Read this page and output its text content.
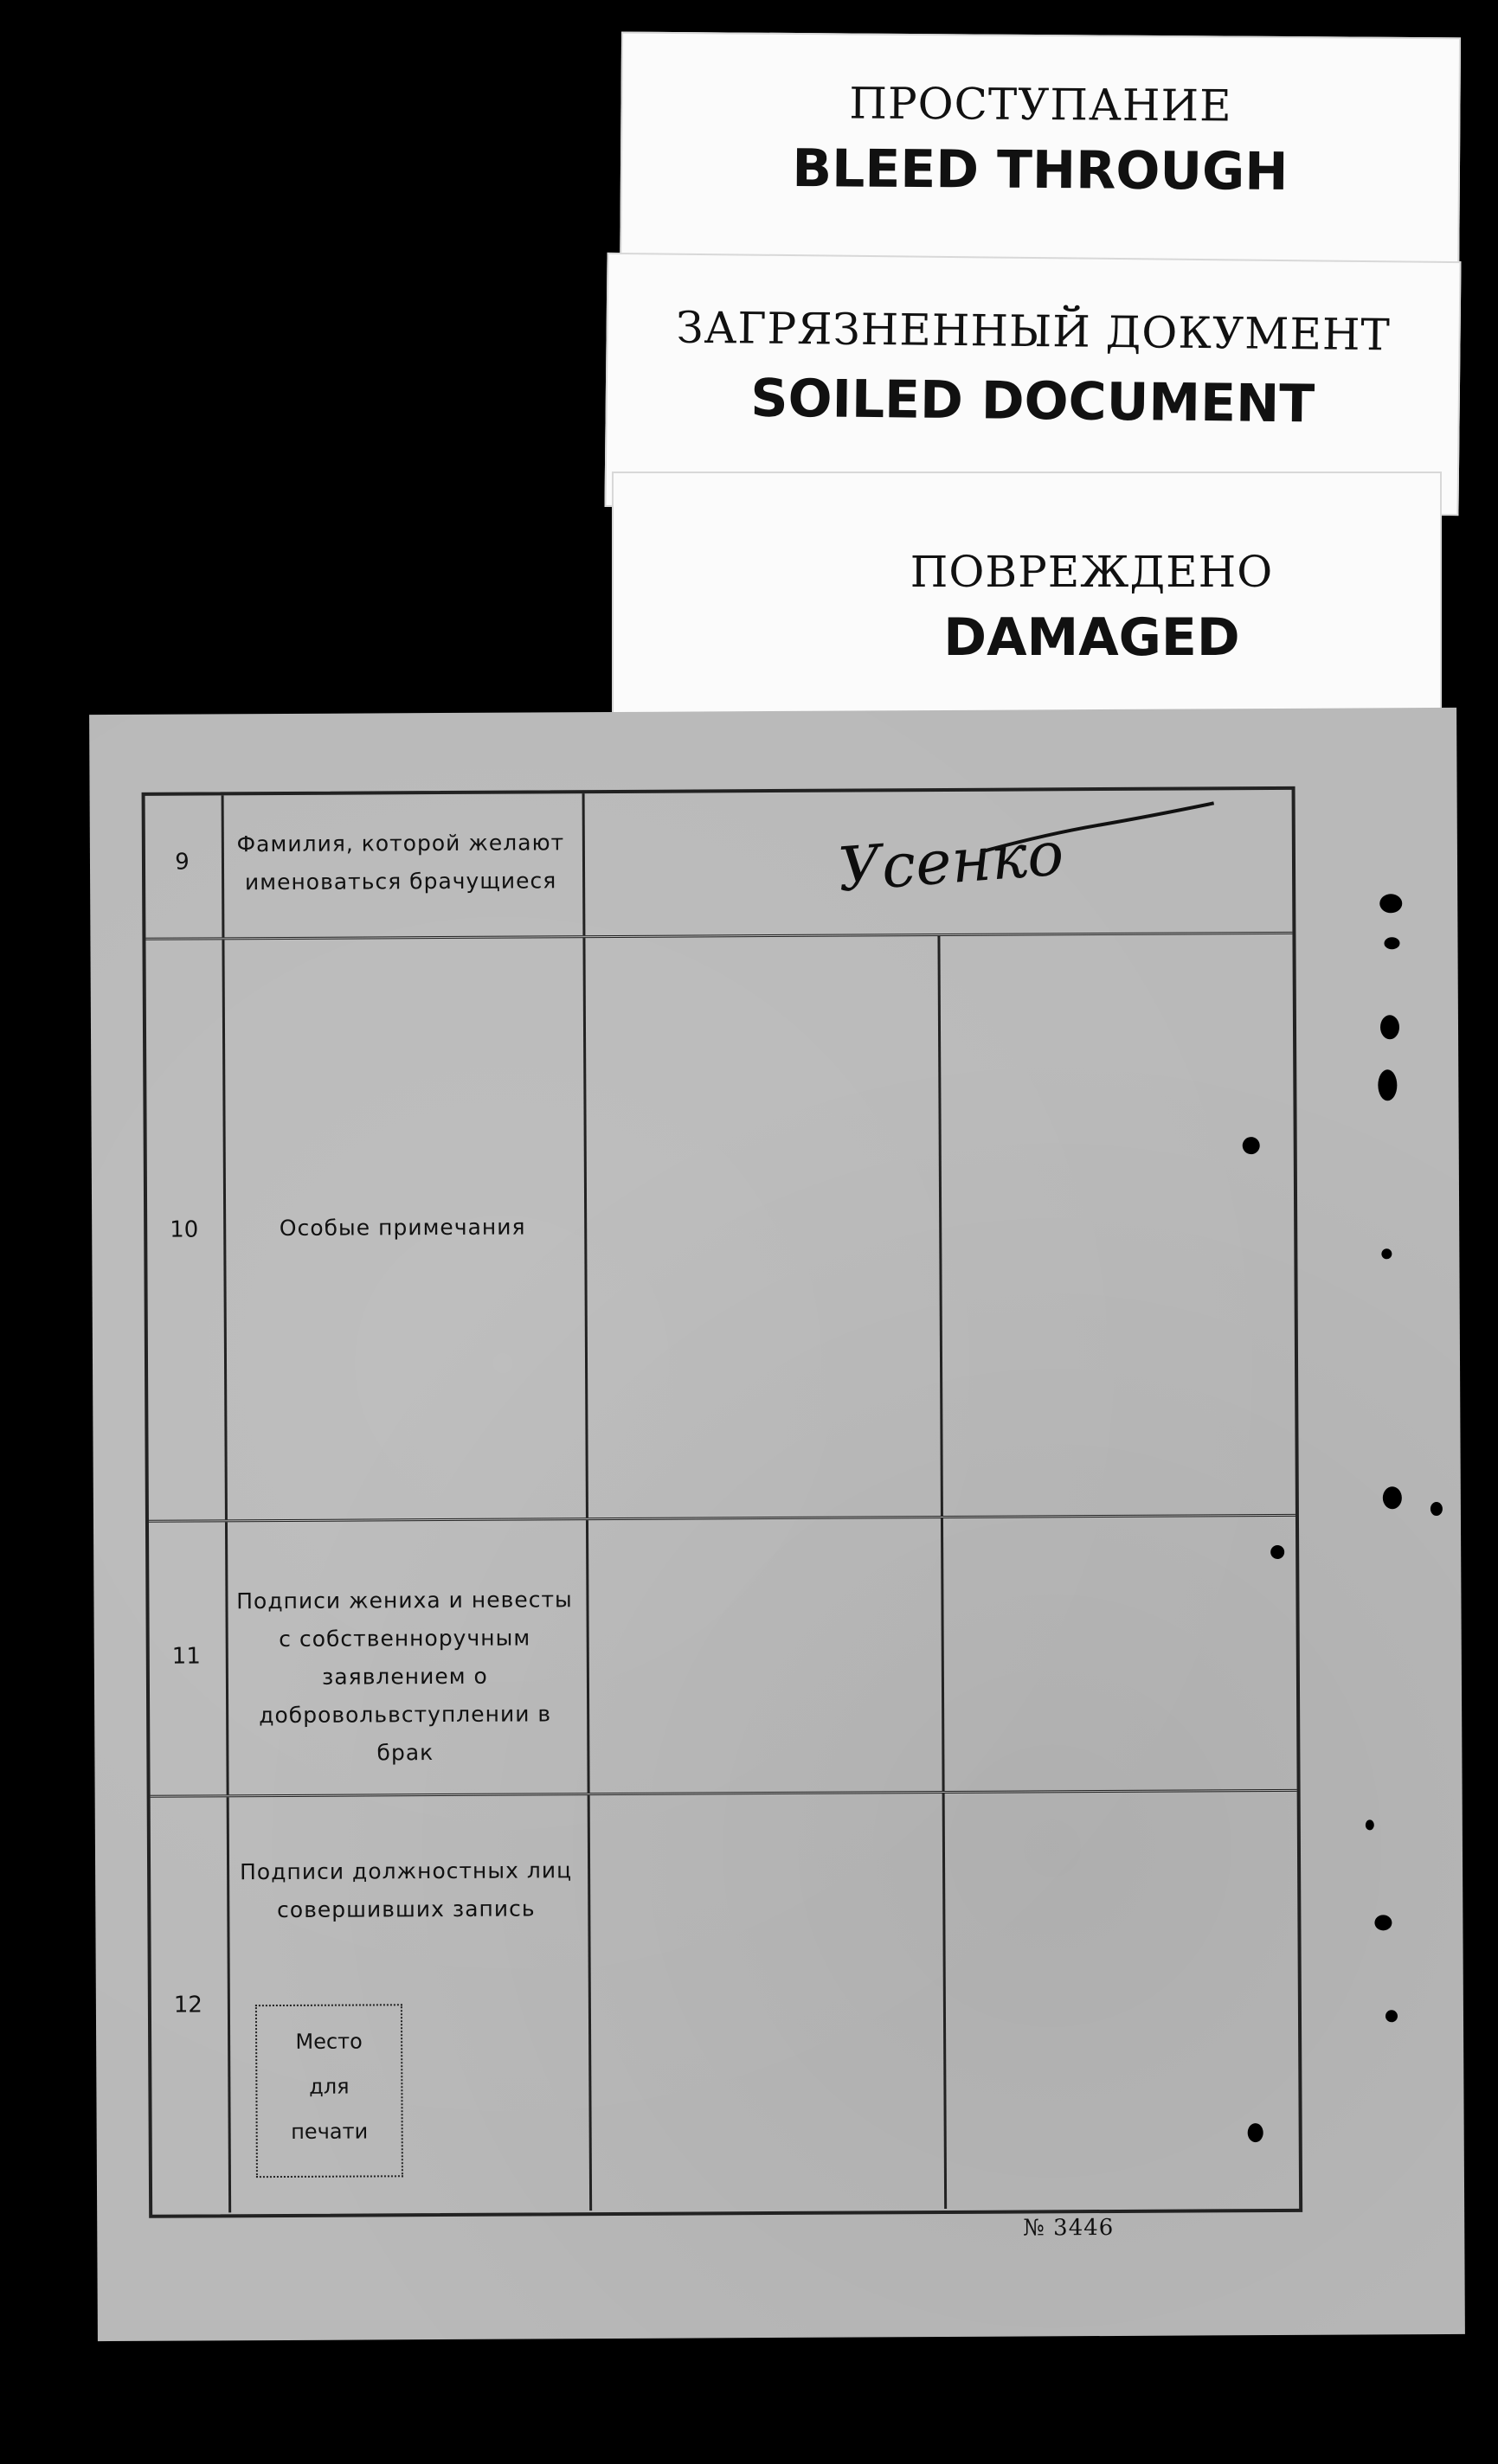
ПРОСТУПАНИЕ
BLEED THROUGH
ЗАГРЯЗНЕННЫЙ ДОКУМЕНТ
SOILED DOCUMENT
ПОВРЕЖДЕНО
DAMAGED
9
Фамилия, которой желают именоваться брачущиеся	Усенко
10	Особые примечания
11
Подписи жениха и невесты с собственноручным заявлением о добровольвступлении в брак
12
Подписи должностных лиц совершивших запись
Место
для
печати
№ 3446
